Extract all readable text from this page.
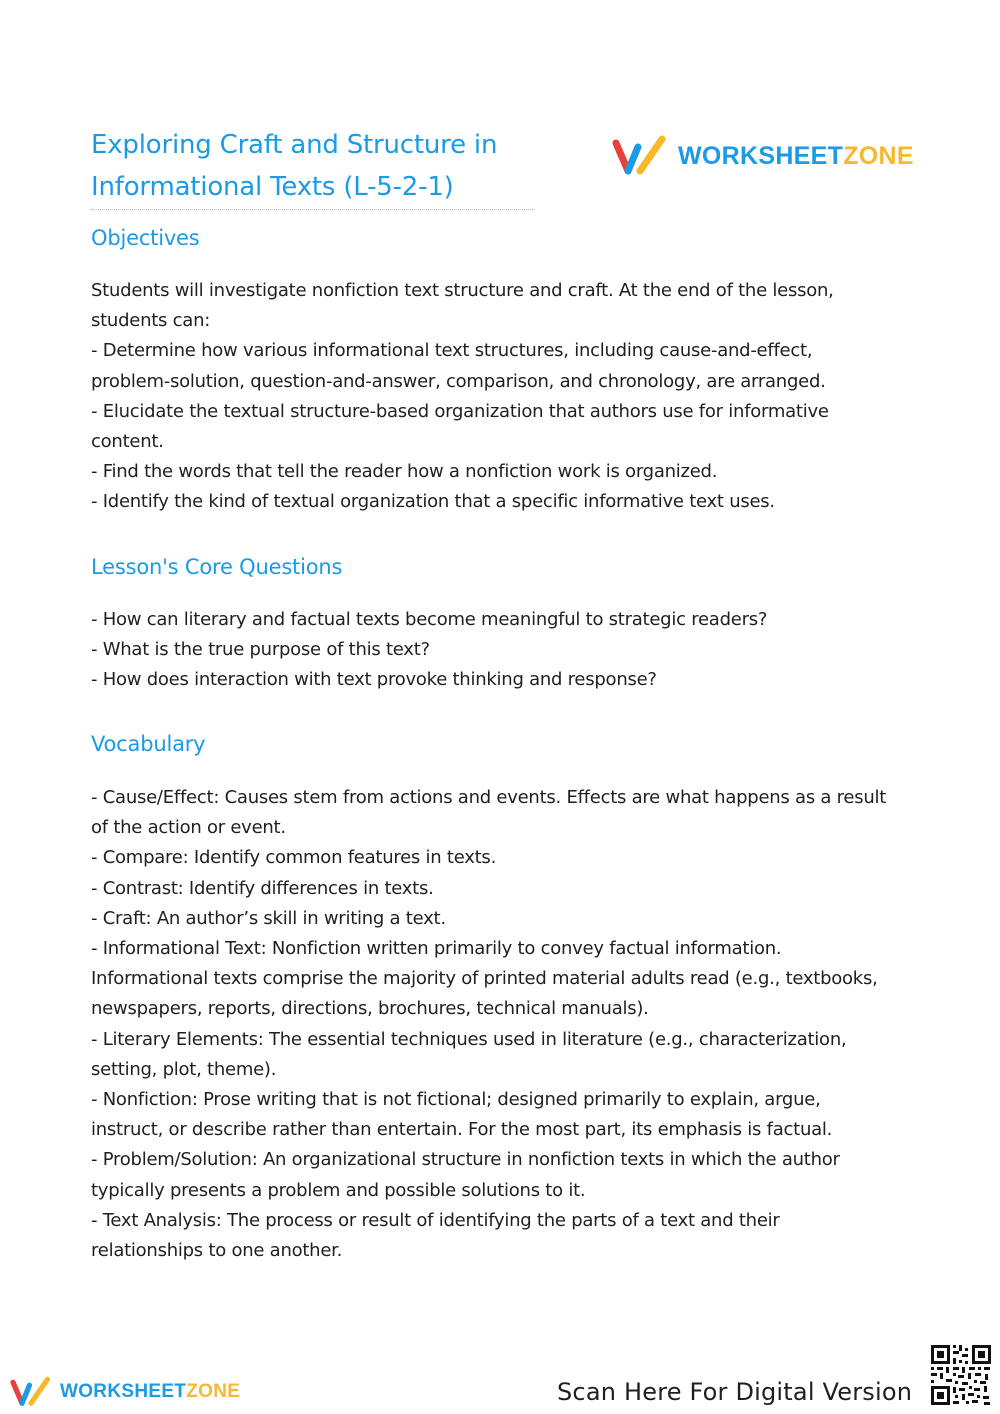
Exploring Craft and Structure in
Informational Texts (L-5-2-1)
WORKSHEETZONE
Objectives
Students will investigate nonfiction text structure and craft. At the end of the lesson,
students can:
- Determine how various informational text structures, including cause-and-effect,
problem-solution, question-and-answer, comparison, and chronology, are arranged.
- Elucidate the textual structure-based organization that authors use for informative
content.
- Find the words that tell the reader how a nonfiction work is organized.
- Identify the kind of textual organization that a specific informative text uses.
Lesson's Core Questions
- How can literary and factual texts become meaningful to strategic readers?
- What is the true purpose of this text?
- How does interaction with text provoke thinking and response?
Vocabulary
- Cause/Effect: Causes stem from actions and events. Effects are what happens as a result
of the action or event.
- Compare: Identify common features in texts.
- Contrast: Identify differences in texts.
- Craft: An author’s skill in writing a text.
- Informational Text: Nonfiction written primarily to convey factual information.
Informational texts comprise the majority of printed material adults read (e.g., textbooks,
newspapers, reports, directions, brochures, technical manuals).
- Literary Elements: The essential techniques used in literature (e.g., characterization,
setting, plot, theme).
- Nonfiction: Prose writing that is not fictional; designed primarily to explain, argue,
instruct, or describe rather than entertain. For the most part, its emphasis is factual.
- Problem/Solution: An organizational structure in nonfiction texts in which the author
typically presents a problem and possible solutions to it.
- Text Analysis: The process or result of identifying the parts of a text and their
relationships to one another.
WORKSHEETZONE	Scan Here For Digital Version
